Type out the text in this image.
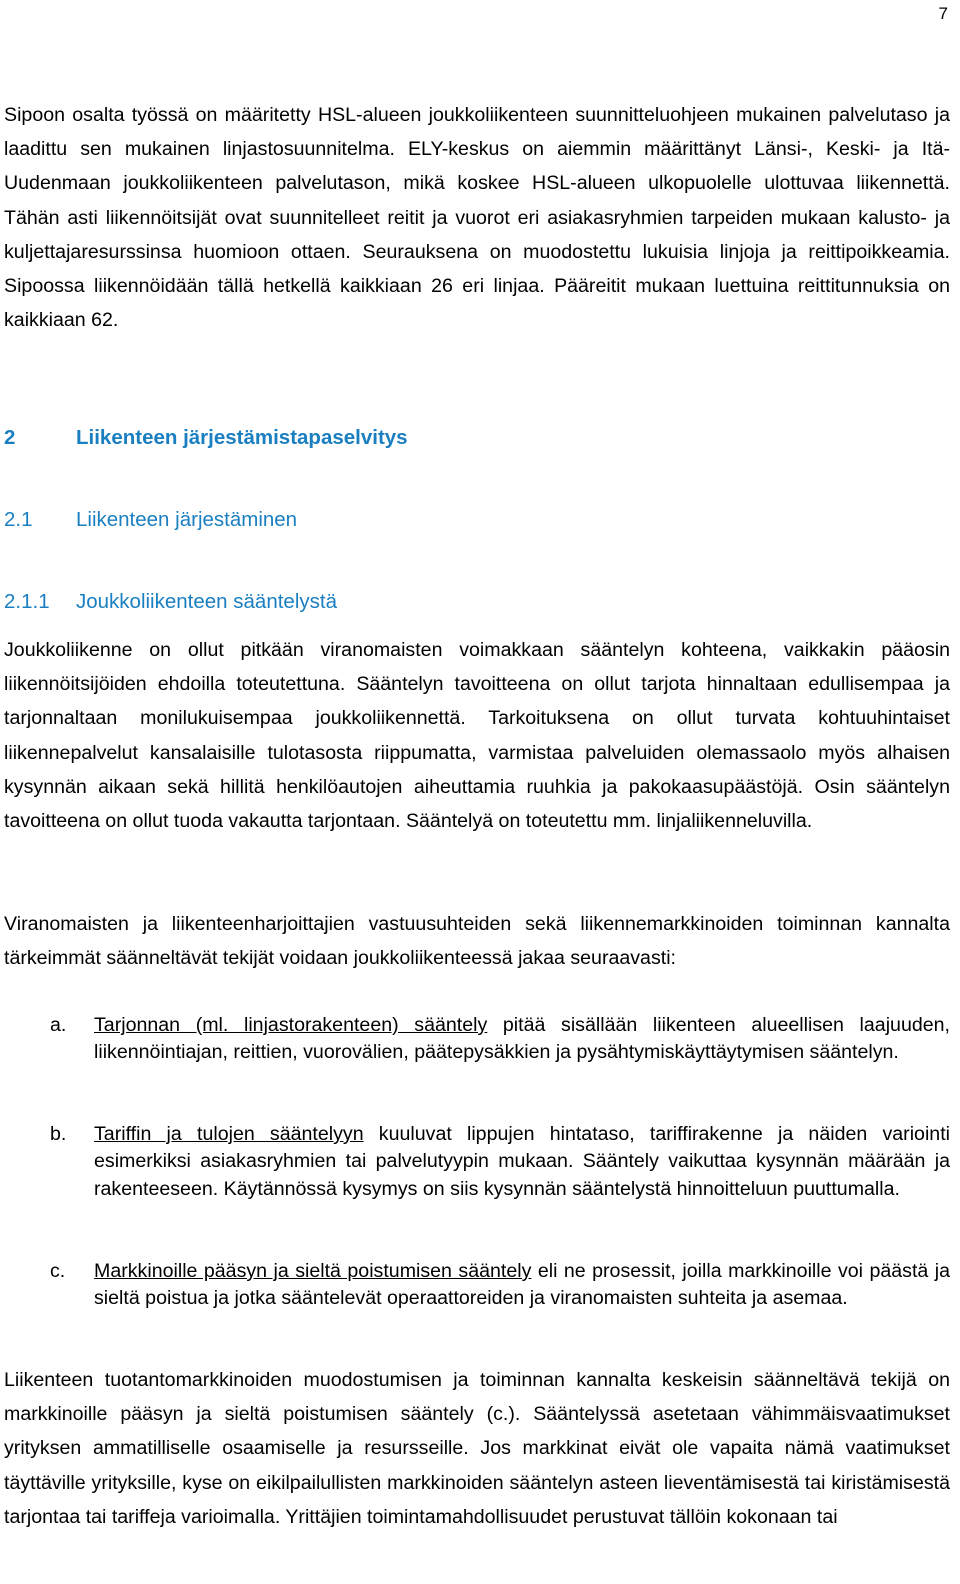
7

Sipoon osalta työssä on määritetty HSL-alueen joukkoliikenteen suunnitteluohjeen mukainen palvelutaso ja laadittu sen mukainen linjastosuunnitelma. ELY-keskus on aiemmin määrittänyt Länsi-, Keski- ja Itä-Uudenmaan joukkoliikenteen palvelutason, mikä koskee HSL-alueen ulkopuolelle ulottuvaa liikennettä. Tähän asti liikennöitsijät ovat suunnitelleet reitit ja vuorot eri asiakasryhmien tarpeiden mukaan kalusto- ja kuljettajaresurssinsa huomioon ottaen. Seurauksena on muodostettu lukuisia linjoja ja reittipoikkeamia. Sipoossa liikennöidään tällä hetkellä kaikkiaan 26 eri linjaa. Pääreitit mukaan luettuina reittitunnuksia on kaikkiaan 62.

2	Liikenteen järjestämistapaselvitys
2.1 Liikenteen järjestäminen
2.1.1 Joukkoliikenteen sääntelystä

Joukkoliikenne on ollut pitkään viranomaisten voimakkaan sääntelyn kohteena, vaikkakin pääosin liikennöitsijöiden ehdoilla toteutettuna. Sääntelyn tavoitteena on ollut tarjota hinnaltaan edullisempaa ja tarjonnaltaan monilukuisempaa joukkoliikennettä. Tarkoituksena on ollut turvata kohtuuhintaiset liikennepalvelut kansalaisille tulotasosta riippumatta, varmistaa palveluiden olemassaolo myös alhaisen kysynnän aikaan sekä hillitä henkilöautojen aiheuttamia ruuhkia ja pakokaasupäästöjä. Osin sääntelyn tavoitteena on ollut tuoda vakautta tarjontaan. Sääntelyä on toteutettu mm. linjaliikenneluvilla.

Viranomaisten ja liikenteenharjoittajien vastuusuhteiden sekä liikennemarkkinoiden toiminnan kannalta tärkeimmät säänneltävät tekijät voidaan joukkoliikenteessä jakaa seuraavasti:

a. Tarjonnan (ml. linjastorakenteen) sääntely pitää sisällään liikenteen alueellisen laajuuden, liikennöintiajan, reittien, vuorovälien, päätepysäkkien ja pysähtymiskäyttäytymisen sääntelyn.

b. Tariffin ja tulojen sääntelyyn kuuluvat lippujen hintataso, tariffirakenne ja näiden variointi esimerkiksi asiakasryhmien tai palvelutyypin mukaan. Sääntely vaikuttaa kysynnän määrään ja rakenteeseen. Käytännössä kysymys on siis kysynnän sääntelystä hinnoitteluun puuttumalla.

c. Markkinoille pääsyn ja sieltä poistumisen sääntely eli ne prosessit, joilla markkinoille voi päästä ja sieltä poistua ja jotka sääntelevät operaattoreiden ja viranomaisten suhteita ja asemaa.

Liikenteen tuotantomarkkinoiden muodostumisen ja toiminnan kannalta keskeisin säänneltävä tekijä on markkinoille pääsyn ja sieltä poistumisen sääntely (c.). Sääntelyssä asetetaan vähimmäisvaatimukset yrityksen ammatilliselle osaamiselle ja resursseille. Jos markkinat eivät ole vapaita nämä vaatimukset täyttäville yrityksille, kyse on eikilpailullisten markkinoiden sääntelyn asteen lieventämisestä tai kiristämisestä tarjontaa tai tariffeja varioimalla. Yrittäjien toimintamahdollisuudet perustuvat tällöin kokonaan tai
